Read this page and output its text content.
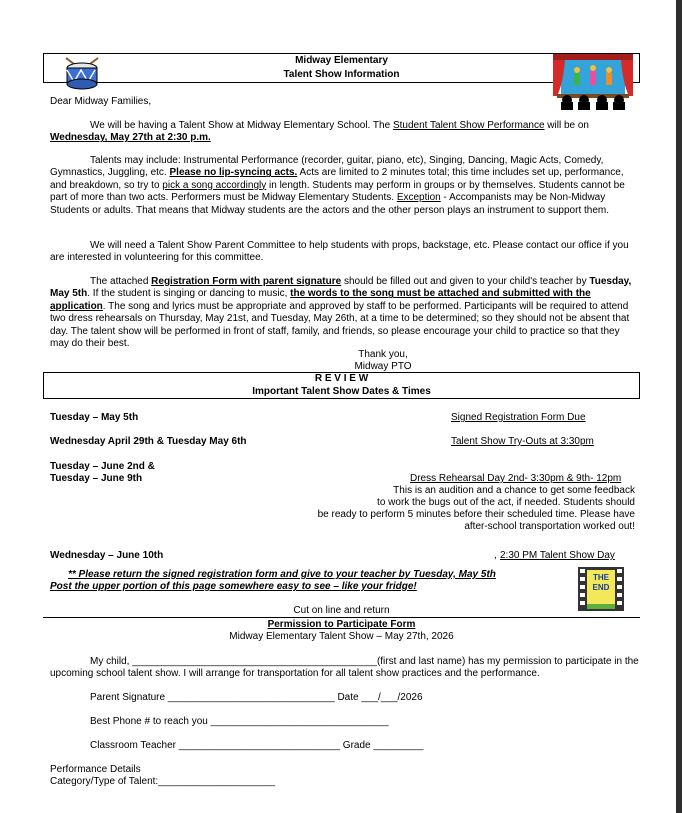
Midway Elementary
Talent Show Information
Dear Midway Families,

We will be having a Talent Show at Midway Elementary School. The Student Talent Show Performance will be on Wednesday, May 27th at 2:30 p.m.

Talents may include: Instrumental Performance (recorder, guitar, piano, etc), Singing, Dancing, Magic Acts, Comedy, Gymnastics, Juggling, etc. Please no lip-syncing acts. Acts are limited to 2 minutes total; this time includes set up, performance, and breakdown, so try to pick a song accordingly in length. Students may perform in groups or by themselves. Students cannot be part of more than two acts. Performers must be Midway Elementary Students. Exception - Accompanists may be Non-Midway Students or adults. That means that Midway students are the actors and the other person plays an instrument to support them.

We will need a Talent Show Parent Committee to help students with props, backstage, etc. Please contact our office if you are interested in volunteering for this committee.

The attached Registration Form with parent signature should be filled out and given to your child's teacher by Tuesday, May 5th. If the student is singing or dancing to music, the words to the song must be attached and submitted with the application. The song and lyrics must be appropriate and approved by staff to be performed. Participants will be required to attend two dress rehearsals on Thursday, May 21st, and Tuesday, May 26th, at a time to be determined; so they should not be absent that day. The talent show will be performed in front of staff, family, and friends, so please encourage your child to practice so that they may do their best.

Thank you,
Midway PTO
R E V I E W
Important Talent Show Dates & Times
Tuesday – May 5th	Signed Registration Form Due
Wednesday April 29th & Tuesday May 6th	Talent Show Try-Outs at 3:30pm
Tuesday – June 2nd &
Tuesday – June 9th	Dress Rehearsal Day 2nd- 3:30pm & 9th- 12pm
This is an audition and a chance to get some feedback
to work the bugs out of the act, if needed. Students should
be ready to perform 5 minutes before their scheduled time. Please have
after-school transportation worked out!
Wednesday – June 10th	, 2:30 PM Talent Show Day
** Please return the signed registration form and give to your teacher by Tuesday, May 5th
Post the upper portion of this page somewhere easy to see – like your fridge!
THE END
Cut on line and return
Permission to Participate Form
Midway Elementary Talent Show – May 27th, 2026
My child, ____________________________________________(first and last name) has my permission to participate in the
upcoming school talent show. I will arrange for transportation for all talent show practices and the performance.
Parent Signature ______________________________ Date ___/___/2026
Best Phone # to reach you ________________________________
Classroom Teacher _____________________________ Grade _________
Performance Details
Category/Type of Talent:_____________________
